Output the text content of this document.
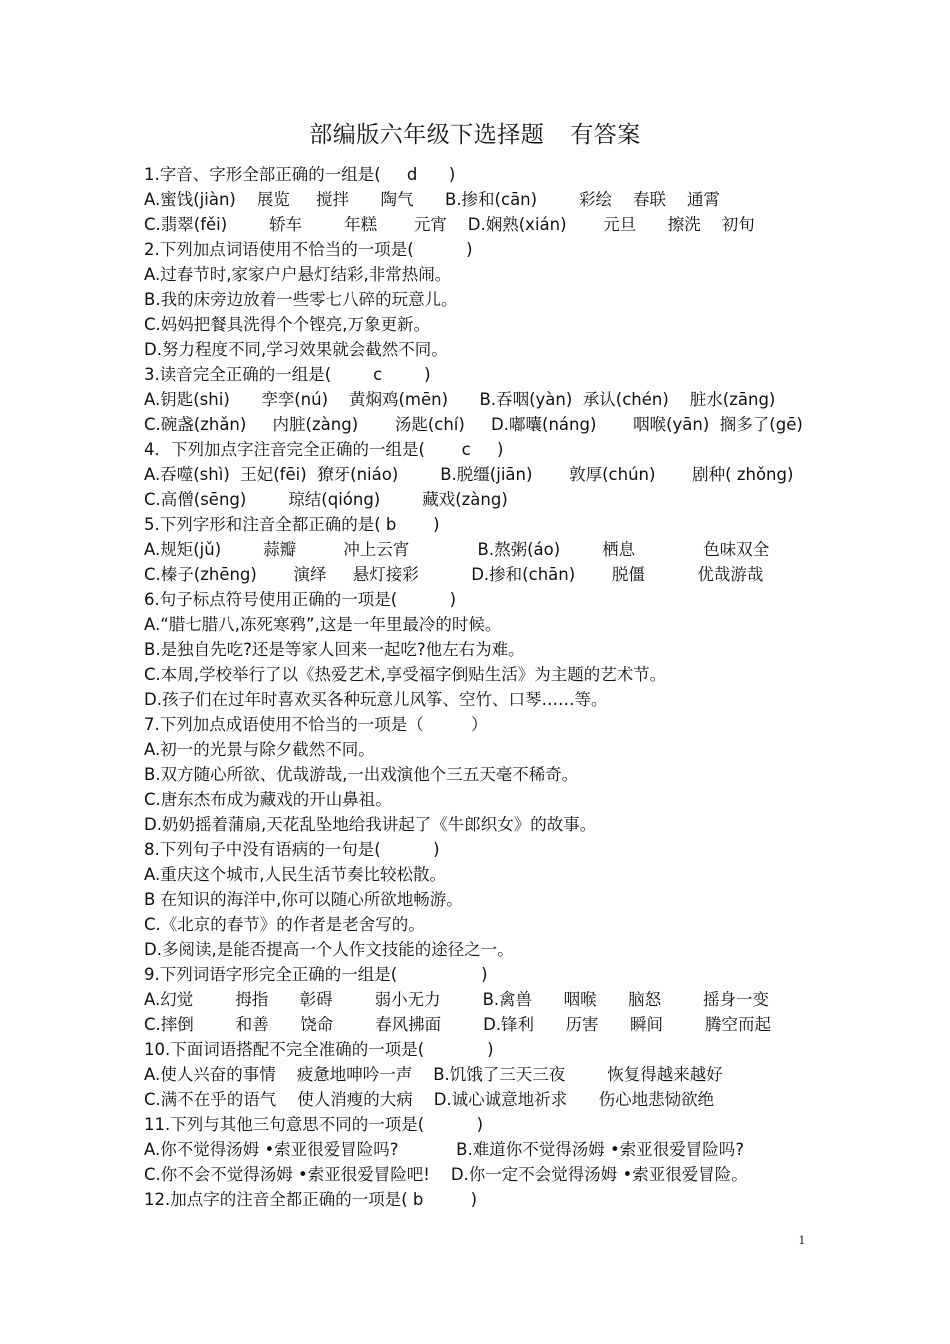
部编版六年级下选择题 有答案
1.字音、字形全部正确的一组是(     d      )
A.蜜饯(jiàn)    展览     搅拌      陶气      B.掺和(cān)        彩绘    春联    通霄
C.翡翠(fěi)        轿车        年糕       元宵    D.娴熟(xián)       元旦      擦洗    初旬
2.下列加点词语使用不恰当的一项是(          )
A.过春节时,家家户户悬灯结彩,非常热闹。
B.我的床旁边放着一些零七八碎的玩意儿。
C.妈妈把餐具洗得个个铿亮,万象更新。
D.努力程度不同,学习效果就会截然不同。
3.读音完全正确的一组是(        c        )
A.钥匙(shi)      孪孪(nú)    黄焖鸡(mēn)      B.吞咽(yàn)  承认(chén)    脏水(zāng)
C.碗盏(zhǎn)     内脏(zàng)       汤匙(chí)     D.嘟囔(náng)       咽喉(yān)  搁多了(gē)
4．下列加点字注音完全正确的一组是(       c     )
A.吞噬(shì)  王妃(fēi)  獠牙(niáo)        B.脱缰(jiān)       敦厚(chún)       剧种( zhǒng)
C.高僧(sēng)        琼结(qióng)        藏戏(zàng)
5.下列字形和注音全都正确的是( b       )
A.规矩(jǔ)        蒜瓣         冲上云宵             B.熬粥(áo)        栖息             色味双全
C.榛子(zhēng)       演绎     悬灯接彩          D.掺和(chān)       脱僵          优哉游哉
6.句子标点符号使用正确的一项是(          )
A.“腊七腊八,冻死寒鸦”,这是一年里最冷的时候。
B.是独自先吃?还是等家人回来一起吃?他左右为难。
C.本周,学校举行了以《热爱艺术,享受福字倒贴生活》为主题的艺术节。
D.孩子们在过年时喜欢买各种玩意儿风筝、空竹、口琴……等。
7.下列加点成语使用不恰当的一项是（         ）
A.初一的光景与除夕截然不同。
B.双方随心所欲、优哉游哉,一出戏演他个三五天毫不稀奇。
C.唐东杰布成为藏戏的开山鼻祖。
D.奶奶摇着蒲扇,天花乱坠地给我讲起了《牛郎织女》的故事。
8.下列句子中没有语病的一句是(          )
A.重庆这个城市,人民生活节奏比较松散。
B 在知识的海洋中,你可以随心所欲地畅游。
C.《北京的春节》的作者是老舍写的。
D.多阅读,是能否提高一个人作文技能的途径之一。
9.下列词语字形完全正确的一组是(                )
A.幻觉        拇指      彰碍        弱小无力        B.禽兽      咽喉      脑怒        摇身一变
C.摔倒        和善      饶命        春风拂面        D.锋利      历害      瞬间        腾空而起
10.下面词语搭配不完全准确的一项是(            )
A.使人兴奋的事情    疲惫地呻吟一声    B.饥饿了三天三夜        恢复得越来越好
C.满不在乎的语气    使人消瘦的大病    D.诚心诚意地祈求      伤心地悲恸欲绝
11.下列与其他三句意思不同的一项是(          )
A.你不觉得汤姆 •索亚很爱冒险吗?           B.难道你不觉得汤姆 •索亚很爱冒险吗?
C.你不会不觉得汤姆 •索亚很爱冒险吧!    D.你一定不会觉得汤姆 •索亚很爱冒险。
12.加点字的注音全都正确的一项是( b         )
1
